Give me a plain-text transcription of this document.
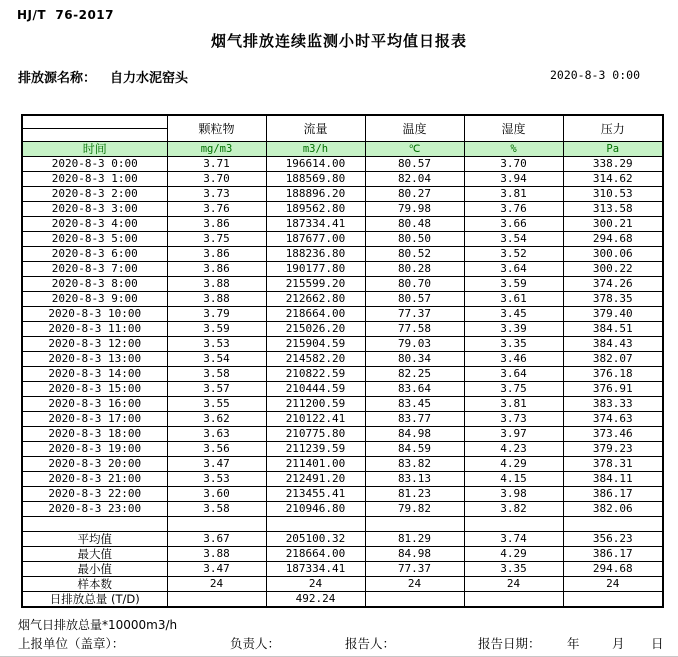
HJ/T  76-2017
烟气排放连续监测小时平均值日报表
排放源名称： 自力水泥窑头	2020-8-3 0:00
	颗粒物	流量	温度	湿度	压力

时间	mg/m3	m3/h	℃	%	Pa
2020-8-3 0:00	3.71	196614.00	80.57	3.70	338.29
2020-8-3 1:00	3.70	188569.80	82.04	3.94	314.62
2020-8-3 2:00	3.73	188896.20	80.27	3.81	310.53
2020-8-3 3:00	3.76	189562.80	79.98	3.76	313.58
2020-8-3 4:00	3.86	187334.41	80.48	3.66	300.21
2020-8-3 5:00	3.75	187677.00	80.50	3.54	294.68
2020-8-3 6:00	3.86	188236.80	80.52	3.52	300.06
2020-8-3 7:00	3.86	190177.80	80.28	3.64	300.22
2020-8-3 8:00	3.88	215599.20	80.70	3.59	374.26
2020-8-3 9:00	3.88	212662.80	80.57	3.61	378.35
2020-8-3 10:00	3.79	218664.00	77.37	3.45	379.40
2020-8-3 11:00	3.59	215026.20	77.58	3.39	384.51
2020-8-3 12:00	3.53	215904.59	79.03	3.35	384.43
2020-8-3 13:00	3.54	214582.20	80.34	3.46	382.07
2020-8-3 14:00	3.58	210822.59	82.25	3.64	376.18
2020-8-3 15:00	3.57	210444.59	83.64	3.75	376.91
2020-8-3 16:00	3.55	211200.59	83.45	3.81	383.33
2020-8-3 17:00	3.62	210122.41	83.77	3.73	374.63
2020-8-3 18:00	3.63	210775.80	84.98	3.97	373.46
2020-8-3 19:00	3.56	211239.59	84.59	4.23	379.23
2020-8-3 20:00	3.47	211401.00	83.82	4.29	378.31
2020-8-3 21:00	3.53	212491.20	83.13	4.15	384.11
2020-8-3 22:00	3.60	213455.41	81.23	3.98	386.17
2020-8-3 23:00	3.58	210946.80	79.82	3.82	382.06

平均值	3.67	205100.32	81.29	3.74	356.23
最大值	3.88	218664.00	84.98	4.29	386.17
最小值	3.47	187334.41	77.37	3.35	294.68
样本数	24	24	24	24	24
日排放总量 (T/D)		492.24			
烟气日排放总量*10000m3/h
上报单位（盖章）：	负责人：	报告人：	报告日期： 年	月 日
